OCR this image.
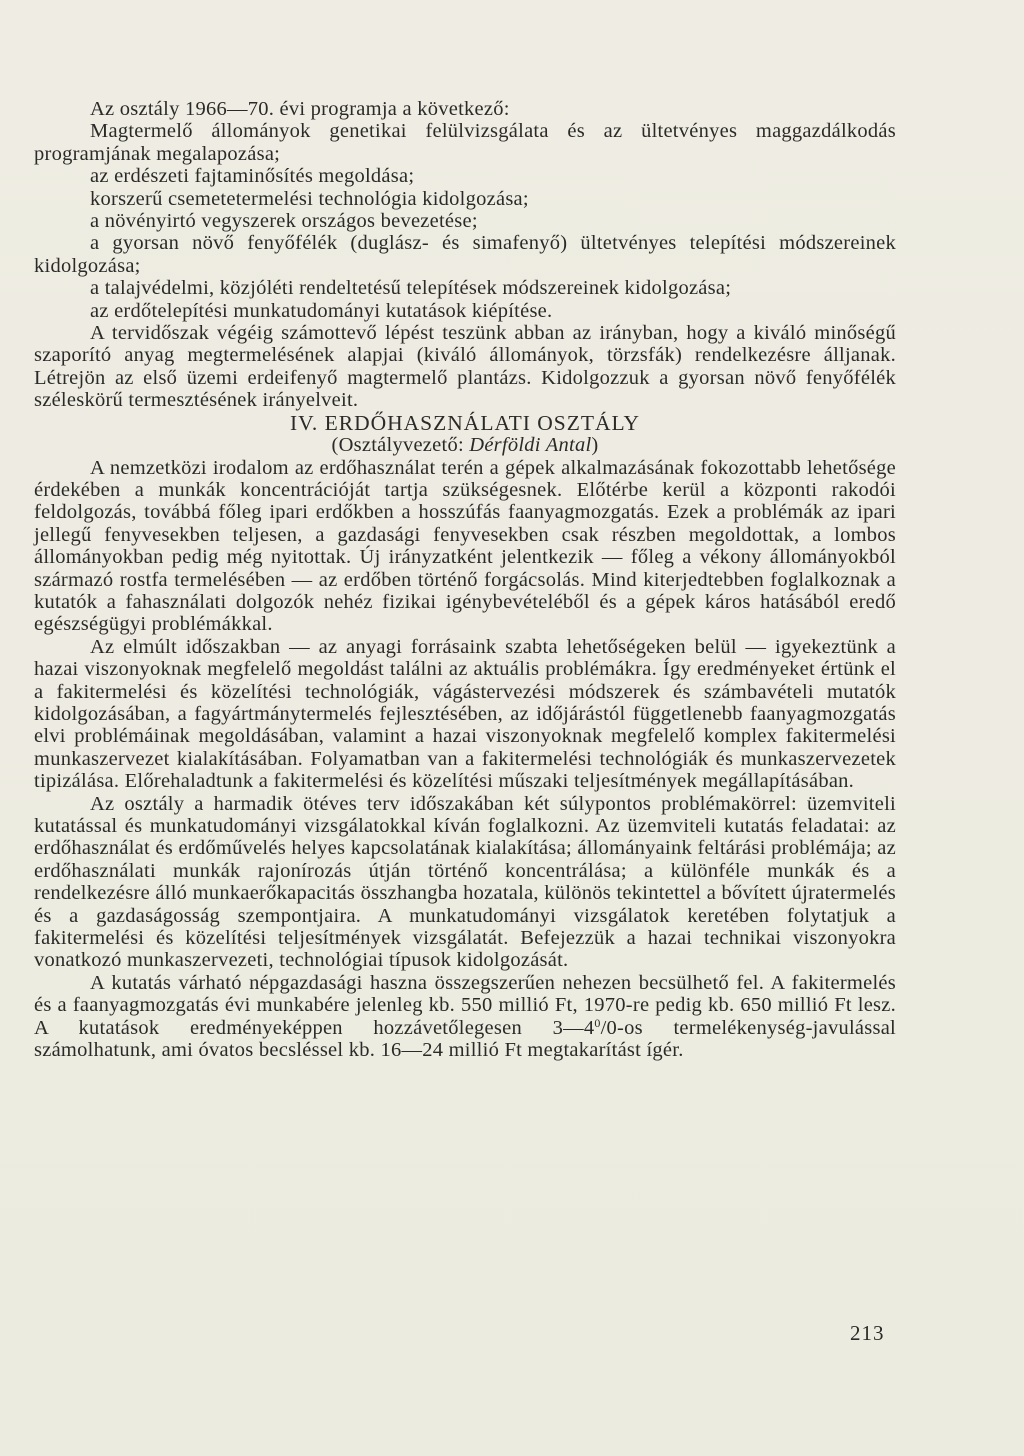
Az osztály 1966—70. évi programja a következő:

Magtermelő állományok genetikai felülvizsgálata és az ültetvényes maggazdálkodás programjának megalapozása;

az erdészeti fajtaminősítés megoldása;

korszerű csemetetermelési technológia kidolgozása;

a növényirtó vegyszerek országos bevezetése;

a gyorsan növő fenyőfélék (duglász- és simafenyő) ültetvényes telepítési módszereinek kidolgozása;

a talajvédelmi, közjóléti rendeltetésű telepítések módszereinek kidolgozása;

az erdőtelepítési munkatudományi kutatások kiépítése.

A tervidőszak végéig számottevő lépést teszünk abban az irányban, hogy a kiváló minőségű szaporító anyag megtermelésének alapjai (kiváló állományok, törzsfák) rendelkezésre álljanak. Létrejön az első üzemi erdeifenyő magtermelő plantázs. Kidolgozzuk a gyorsan növő fenyőfélék széleskörű termesztésének irányelveit.

IV. ERDŐHASZNÁLATI OSZTÁLY

(Osztályvezető: Dérföldi Antal)

A nemzetközi irodalom az erdőhasználat terén a gépek alkalmazásának fokozottabb lehetősége érdekében a munkák koncentrációját tartja szükségesnek. Előtérbe kerül a központi rakodói feldolgozás, továbbá főleg ipari erdőkben a hosszúfás faanyagmozgatás. Ezek a problémák az ipari jellegű fenyvesekben teljesen, a gazdasági fenyvesekben csak részben megoldottak, a lombos állományokban pedig még nyitottak. Új irányzatként jelentkezik — főleg a vékony állományokból származó rostfa termelésében — az erdőben történő forgácsolás. Mind kiterjedtebben foglalkoznak a kutatók a fahasználati dolgozók nehéz fizikai igénybevételéből és a gépek káros hatásából eredő egészségügyi problémákkal.

Az elmúlt időszakban — az anyagi forrásaink szabta lehetőségeken belül — igyekeztünk a hazai viszonyoknak megfelelő megoldást találni az aktuális problémákra. Így eredményeket értünk el a fakitermelési és közelítési technológiák, vágástervezési módszerek és számbavételi mutatók kidolgozásában, a fagyártmánytermelés fejlesztésében, az időjárástól függetlenebb faanyagmozgatás elvi problémáinak megoldásában, valamint a hazai viszonyoknak megfelelő komplex fakitermelési munkaszervezet kialakításában. Folyamatban van a fakitermelési technológiák és munkaszervezetek tipizálása. Előrehaladtunk a fakitermelési és közelítési műszaki teljesítmények megállapításában.

Az osztály a harmadik ötéves terv időszakában két súlypontos problémakörrel: üzemviteli kutatással és munkatudományi vizsgálatokkal kíván foglalkozni. Az üzemviteli kutatás feladatai: az erdőhasználat és erdőművelés helyes kapcsolatának kialakítása; állományaink feltárási problémája; az erdőhasználati munkák rajonírozás útján történő koncentrálása; a különféle munkák és a rendelkezésre álló munkaerőkapacitás összhangba hozatala, különös tekintettel a bővített újratermelés és a gazdaságosság szempontjaira. A munkatudományi vizsgálatok keretében folytatjuk a fakitermelési és közelítési teljesítmények vizsgálatát. Befejezzük a hazai technikai viszonyokra vonatkozó munkaszervezeti, technológiai típusok kidolgozását.

A kutatás várható népgazdasági haszna összegszerűen nehezen becsülhető fel. A fakitermelés és a faanyagmozgatás évi munkabére jelenleg kb. 550 millió Ft, 1970-re pedig kb. 650 millió Ft lesz. A kutatások eredményeképpen hozzávetőlegesen $3—4^0/0-os$ termelékenység-javulással számolhatunk, ami óvatos becsléssel kb. 16—24 millió Ft megtakarítást ígér.

213
